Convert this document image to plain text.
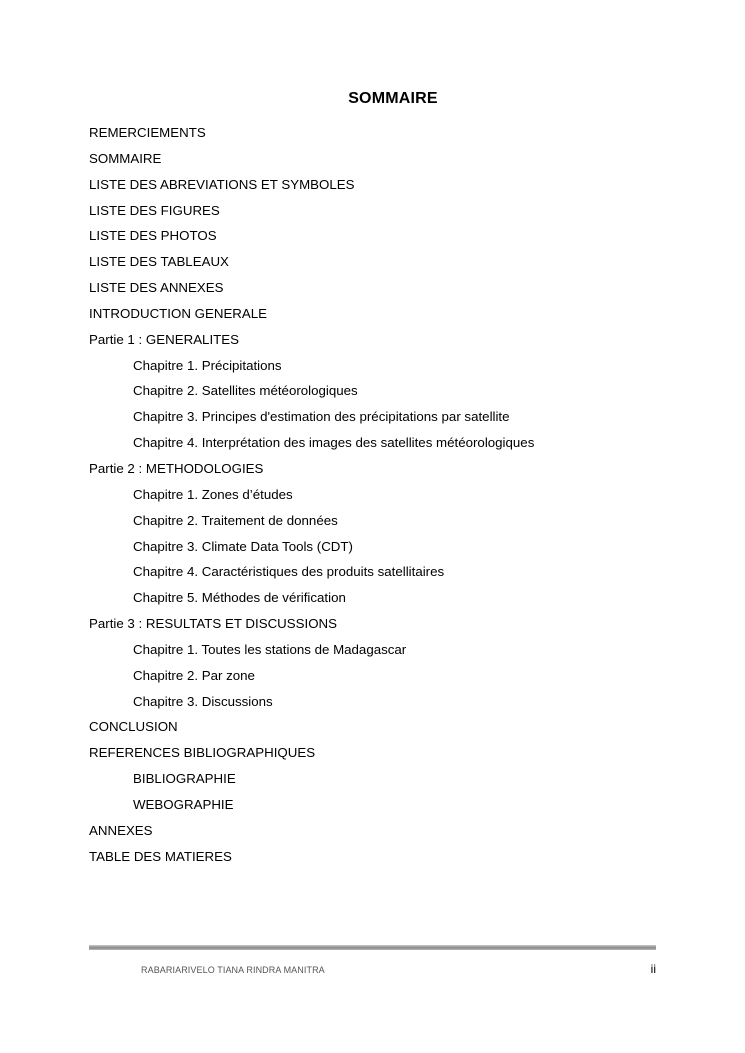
SOMMAIRE
REMERCIEMENTS
SOMMAIRE
LISTE DES ABREVIATIONS ET SYMBOLES
LISTE DES FIGURES
LISTE DES PHOTOS
LISTE DES TABLEAUX
LISTE DES ANNEXES
INTRODUCTION GENERALE
Partie 1 : GENERALITES
Chapitre 1. Précipitations
Chapitre 2. Satellites météorologiques
Chapitre 3. Principes d'estimation des précipitations par satellite
Chapitre 4. Interprétation des images des satellites météorologiques
Partie 2 : METHODOLOGIES
Chapitre 1. Zones d’études
Chapitre 2. Traitement de données
Chapitre 3. Climate Data Tools (CDT)
Chapitre 4. Caractéristiques des produits satellitaires
Chapitre 5. Méthodes de vérification
Partie 3 : RESULTATS ET DISCUSSIONS
Chapitre 1. Toutes les stations de Madagascar
Chapitre 2. Par zone
Chapitre 3. Discussions
CONCLUSION
REFERENCES BIBLIOGRAPHIQUES
BIBLIOGRAPHIE
WEBOGRAPHIE
ANNEXES
TABLE DES MATIERES
RABARIARIVELO TIANA RINDRA MANITRA	ii
